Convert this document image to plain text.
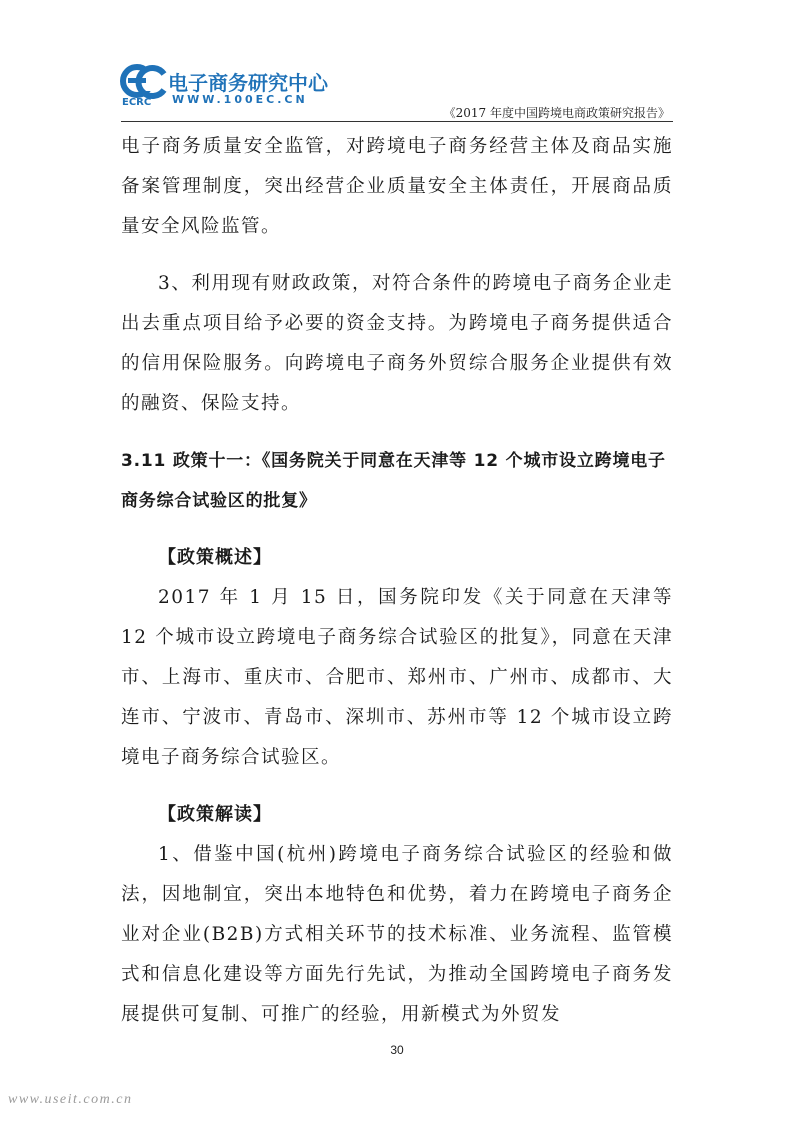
电子商务研究中心
WWW.100EC.CN
ECRC
《2017 年度中国跨境电商政策研究报告》

电子商务质量安全监管，对跨境电子商务经营主体及商品实施备案管理制度，突出经营企业质量安全主体责任，开展商品质量安全风险监管。

3、利用现有财政政策，对符合条件的跨境电子商务企业走出去重点项目给予必要的资金支持。为跨境电子商务提供适合的信用保险服务。向跨境电子商务外贸综合服务企业提供有效的融资、保险支持。

3.11 政策十一：《国务院关于同意在天津等 12 个城市设立跨境电子商务综合试验区的批复》

【政策概述】

2017 年 1 月 15 日，国务院印发《关于同意在天津等 12 个城市设立跨境电子商务综合试验区的批复》，同意在天津市、上海市、重庆市、合肥市、郑州市、广州市、成都市、大连市、宁波市、青岛市、深圳市、苏州市等 12 个城市设立跨境电子商务综合试验区。

【政策解读】

1、借鉴中国(杭州)跨境电子商务综合试验区的经验和做法，因地制宜，突出本地特色和优势，着力在跨境电子商务企业对企业(B2B)方式相关环节的技术标准、业务流程、监管模式和信息化建设等方面先行先试，为推动全国跨境电子商务发展提供可复制、可推广的经验，用新模式为外贸发

30
www.useit.com.cn
